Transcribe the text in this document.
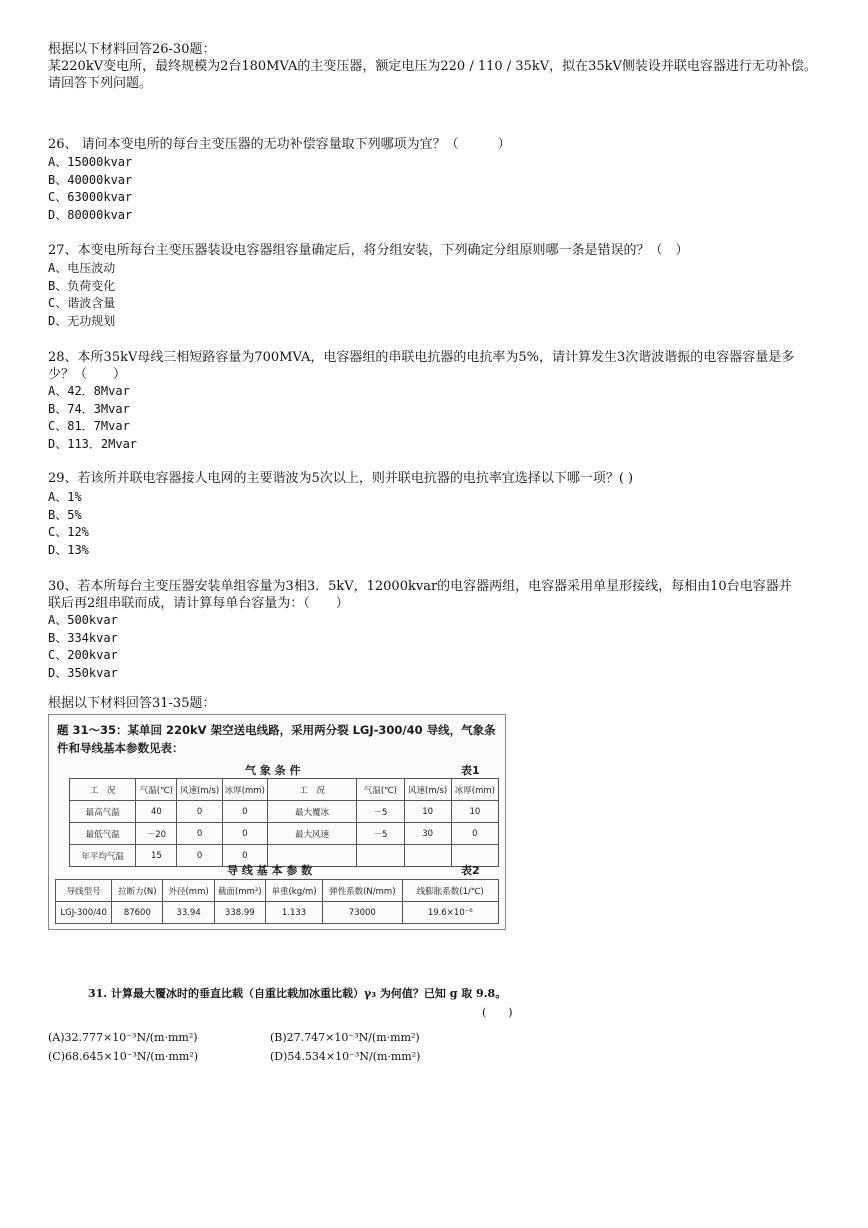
根据以下材料回答26-30题：
某220kV变电所，最终规模为2台180MVA的主变压器，额定电压为220 / 110 / 35kV，拟在35kV侧装设并联电容器进行无功补偿。请回答下列问题。
26、 请问本变电所的每台主变压器的无功补偿容量取下列哪项为宜？（　　　）
A、15000kvar
B、40000kvar
C、63000kvar
D、80000kvar
27、本变电所每台主变压器装设电容器组容量确定后，将分组安装，下列确定分组原则哪一条是错误的？（　）
A、电压波动
B、负荷变化
C、谐波含量
D、无功规划
28、本所35kV母线三相短路容量为700MVA，电容器组的串联电抗器的电抗率为5%，请计算发生3次谐波谐振的电容器容量是多少？（　　）
A、42．8Mvar
B、74．3Mvar
C、81．7Mvar
D、113．2Mvar
29、若该所并联电容器接人电网的主要谐波为5次以上，则并联电抗器的电抗率宜选择以下哪一项？( )
A、1%
B、5%
C、12%
D、13%
30、若本所每台主变压器安装单组容量为3相3．5kV，12000kvar的电容器两组，电容器采用单星形接线，每相由10台电容器并　　　联后再2组串联而成，请计算每单台容量为：（　　）
A、500kvar
B、334kvar
C、200kvar
D、350kvar
根据以下材料回答31-35题：
题 31～35：某单回 220kV 架空送电线路，采用两分裂 LGJ-300/40 导线，气象条件和导线基本参数见表：
气 象 条 件	表1
工　况	气温(℃)	风速(m/s)	冰厚(mm)	工　况	气温(℃)	风速(m/s)	冰厚(mm)
最高气温	40	0	0	最大覆冰	－5	10	10
最低气温	－20	0	0	最大风速	－5	30	0
年平均气温	15	0	0				
导 线 基 本 参 数	表2
导线型号	拉断力(N)	外径(mm)	截面(mm²)	单重(kg/m)	弹性系数(N/mm)	线膨胀系数(1/℃)
LGJ-300/40	87600	33.94	338.99	1.133	73000	19.6×10⁻⁶
31. 计算最大覆冰时的垂直比载（自重比载加冰重比载）γ₃ 为何值？已知 g 取 9.8。
(　　)
(A)32.777×10⁻³N/(m·mm²)	(B)27.747×10⁻³N/(m·mm²)
(C)68.645×10⁻³N/(m·mm²)	(D)54.534×10⁻³N/(m·mm²)
